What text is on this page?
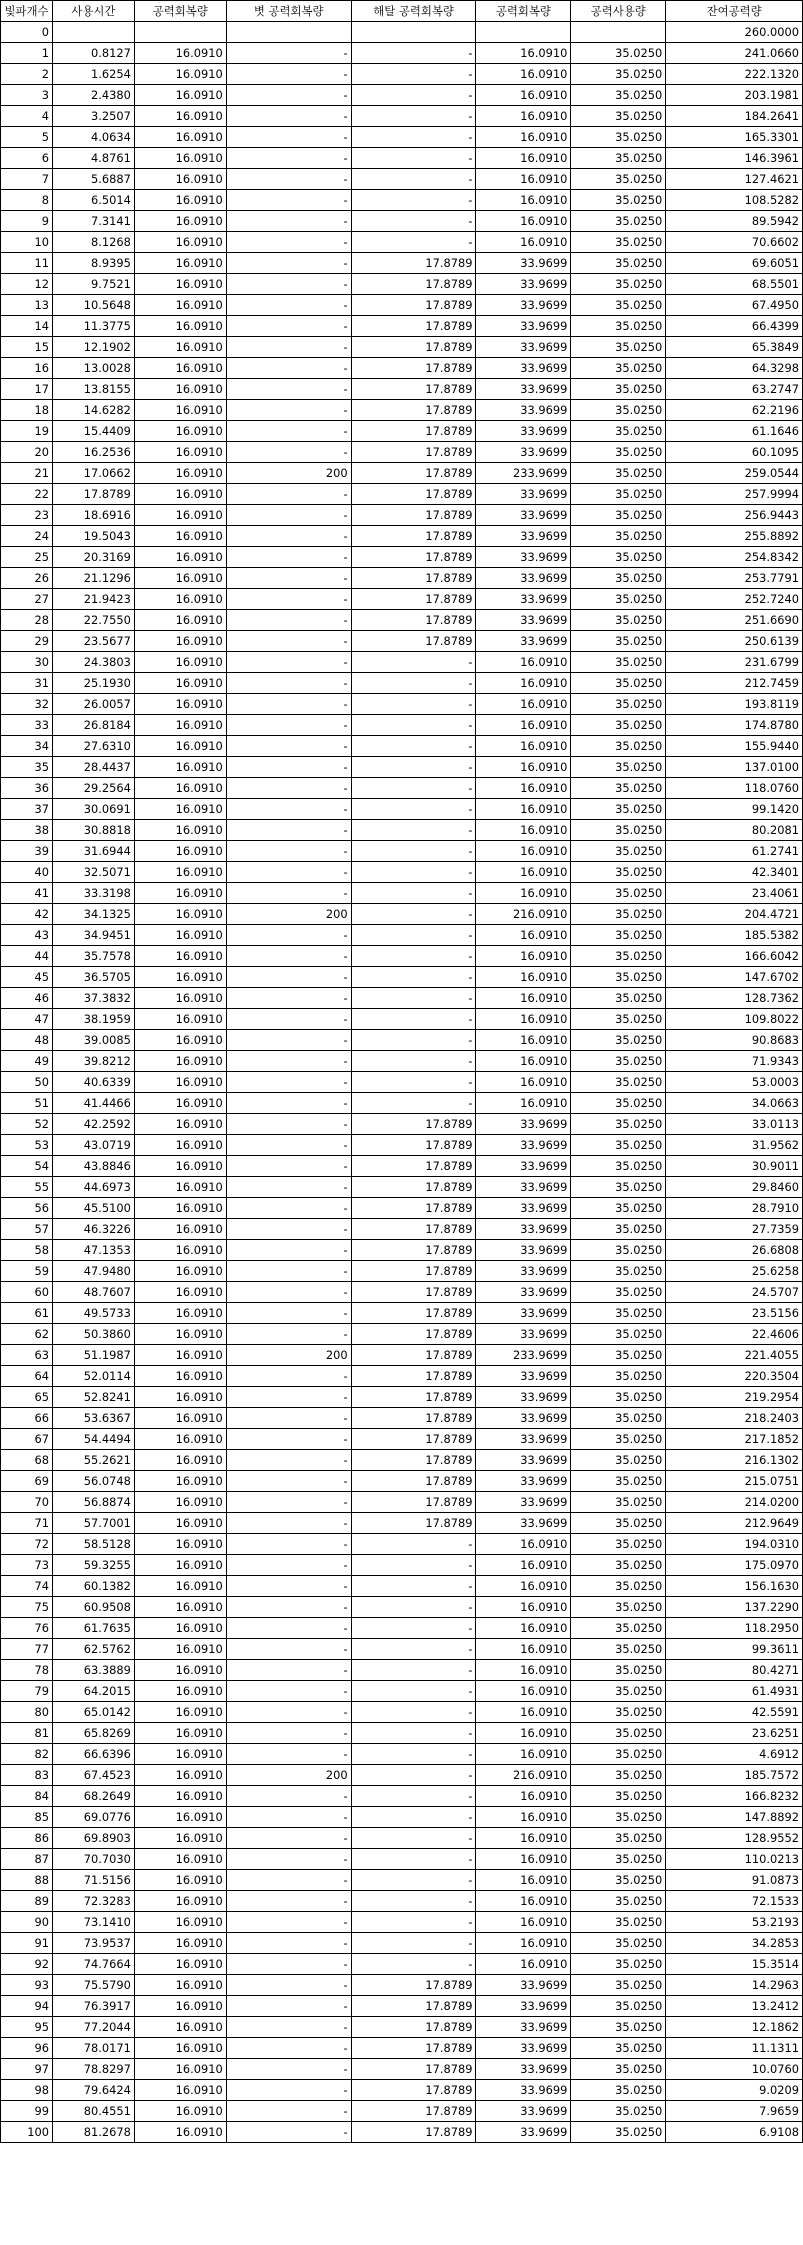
빛파개수	사용시간	공력회복량	볏 공력회복량	해탈 공력회복량	공력회복량	공력사용량	잔여공력량
0							260.0000
1	0.8127	16.0910	-	-	16.0910	35.0250	241.0660
2	1.6254	16.0910	-	-	16.0910	35.0250	222.1320
3	2.4380	16.0910	-	-	16.0910	35.0250	203.1981
4	3.2507	16.0910	-	-	16.0910	35.0250	184.2641
5	4.0634	16.0910	-	-	16.0910	35.0250	165.3301
6	4.8761	16.0910	-	-	16.0910	35.0250	146.3961
7	5.6887	16.0910	-	-	16.0910	35.0250	127.4621
8	6.5014	16.0910	-	-	16.0910	35.0250	108.5282
9	7.3141	16.0910	-	-	16.0910	35.0250	89.5942
10	8.1268	16.0910	-	-	16.0910	35.0250	70.6602
11	8.9395	16.0910	-	17.8789	33.9699	35.0250	69.6051
12	9.7521	16.0910	-	17.8789	33.9699	35.0250	68.5501
13	10.5648	16.0910	-	17.8789	33.9699	35.0250	67.4950
14	11.3775	16.0910	-	17.8789	33.9699	35.0250	66.4399
15	12.1902	16.0910	-	17.8789	33.9699	35.0250	65.3849
16	13.0028	16.0910	-	17.8789	33.9699	35.0250	64.3298
17	13.8155	16.0910	-	17.8789	33.9699	35.0250	63.2747
18	14.6282	16.0910	-	17.8789	33.9699	35.0250	62.2196
19	15.4409	16.0910	-	17.8789	33.9699	35.0250	61.1646
20	16.2536	16.0910	-	17.8789	33.9699	35.0250	60.1095
21	17.0662	16.0910	200	17.8789	233.9699	35.0250	259.0544
22	17.8789	16.0910	-	17.8789	33.9699	35.0250	257.9994
23	18.6916	16.0910	-	17.8789	33.9699	35.0250	256.9443
24	19.5043	16.0910	-	17.8789	33.9699	35.0250	255.8892
25	20.3169	16.0910	-	17.8789	33.9699	35.0250	254.8342
26	21.1296	16.0910	-	17.8789	33.9699	35.0250	253.7791
27	21.9423	16.0910	-	17.8789	33.9699	35.0250	252.7240
28	22.7550	16.0910	-	17.8789	33.9699	35.0250	251.6690
29	23.5677	16.0910	-	17.8789	33.9699	35.0250	250.6139
30	24.3803	16.0910	-	-	16.0910	35.0250	231.6799
31	25.1930	16.0910	-	-	16.0910	35.0250	212.7459
32	26.0057	16.0910	-	-	16.0910	35.0250	193.8119
33	26.8184	16.0910	-	-	16.0910	35.0250	174.8780
34	27.6310	16.0910	-	-	16.0910	35.0250	155.9440
35	28.4437	16.0910	-	-	16.0910	35.0250	137.0100
36	29.2564	16.0910	-	-	16.0910	35.0250	118.0760
37	30.0691	16.0910	-	-	16.0910	35.0250	99.1420
38	30.8818	16.0910	-	-	16.0910	35.0250	80.2081
39	31.6944	16.0910	-	-	16.0910	35.0250	61.2741
40	32.5071	16.0910	-	-	16.0910	35.0250	42.3401
41	33.3198	16.0910	-	-	16.0910	35.0250	23.4061
42	34.1325	16.0910	200	-	216.0910	35.0250	204.4721
43	34.9451	16.0910	-	-	16.0910	35.0250	185.5382
44	35.7578	16.0910	-	-	16.0910	35.0250	166.6042
45	36.5705	16.0910	-	-	16.0910	35.0250	147.6702
46	37.3832	16.0910	-	-	16.0910	35.0250	128.7362
47	38.1959	16.0910	-	-	16.0910	35.0250	109.8022
48	39.0085	16.0910	-	-	16.0910	35.0250	90.8683
49	39.8212	16.0910	-	-	16.0910	35.0250	71.9343
50	40.6339	16.0910	-	-	16.0910	35.0250	53.0003
51	41.4466	16.0910	-	-	16.0910	35.0250	34.0663
52	42.2592	16.0910	-	17.8789	33.9699	35.0250	33.0113
53	43.0719	16.0910	-	17.8789	33.9699	35.0250	31.9562
54	43.8846	16.0910	-	17.8789	33.9699	35.0250	30.9011
55	44.6973	16.0910	-	17.8789	33.9699	35.0250	29.8460
56	45.5100	16.0910	-	17.8789	33.9699	35.0250	28.7910
57	46.3226	16.0910	-	17.8789	33.9699	35.0250	27.7359
58	47.1353	16.0910	-	17.8789	33.9699	35.0250	26.6808
59	47.9480	16.0910	-	17.8789	33.9699	35.0250	25.6258
60	48.7607	16.0910	-	17.8789	33.9699	35.0250	24.5707
61	49.5733	16.0910	-	17.8789	33.9699	35.0250	23.5156
62	50.3860	16.0910	-	17.8789	33.9699	35.0250	22.4606
63	51.1987	16.0910	200	17.8789	233.9699	35.0250	221.4055
64	52.0114	16.0910	-	17.8789	33.9699	35.0250	220.3504
65	52.8241	16.0910	-	17.8789	33.9699	35.0250	219.2954
66	53.6367	16.0910	-	17.8789	33.9699	35.0250	218.2403
67	54.4494	16.0910	-	17.8789	33.9699	35.0250	217.1852
68	55.2621	16.0910	-	17.8789	33.9699	35.0250	216.1302
69	56.0748	16.0910	-	17.8789	33.9699	35.0250	215.0751
70	56.8874	16.0910	-	17.8789	33.9699	35.0250	214.0200
71	57.7001	16.0910	-	17.8789	33.9699	35.0250	212.9649
72	58.5128	16.0910	-	-	16.0910	35.0250	194.0310
73	59.3255	16.0910	-	-	16.0910	35.0250	175.0970
74	60.1382	16.0910	-	-	16.0910	35.0250	156.1630
75	60.9508	16.0910	-	-	16.0910	35.0250	137.2290
76	61.7635	16.0910	-	-	16.0910	35.0250	118.2950
77	62.5762	16.0910	-	-	16.0910	35.0250	99.3611
78	63.3889	16.0910	-	-	16.0910	35.0250	80.4271
79	64.2015	16.0910	-	-	16.0910	35.0250	61.4931
80	65.0142	16.0910	-	-	16.0910	35.0250	42.5591
81	65.8269	16.0910	-	-	16.0910	35.0250	23.6251
82	66.6396	16.0910	-	-	16.0910	35.0250	4.6912
83	67.4523	16.0910	200	-	216.0910	35.0250	185.7572
84	68.2649	16.0910	-	-	16.0910	35.0250	166.8232
85	69.0776	16.0910	-	-	16.0910	35.0250	147.8892
86	69.8903	16.0910	-	-	16.0910	35.0250	128.9552
87	70.7030	16.0910	-	-	16.0910	35.0250	110.0213
88	71.5156	16.0910	-	-	16.0910	35.0250	91.0873
89	72.3283	16.0910	-	-	16.0910	35.0250	72.1533
90	73.1410	16.0910	-	-	16.0910	35.0250	53.2193
91	73.9537	16.0910	-	-	16.0910	35.0250	34.2853
92	74.7664	16.0910	-	-	16.0910	35.0250	15.3514
93	75.5790	16.0910	-	17.8789	33.9699	35.0250	14.2963
94	76.3917	16.0910	-	17.8789	33.9699	35.0250	13.2412
95	77.2044	16.0910	-	17.8789	33.9699	35.0250	12.1862
96	78.0171	16.0910	-	17.8789	33.9699	35.0250	11.1311
97	78.8297	16.0910	-	17.8789	33.9699	35.0250	10.0760
98	79.6424	16.0910	-	17.8789	33.9699	35.0250	9.0209
99	80.4551	16.0910	-	17.8789	33.9699	35.0250	7.9659
100	81.2678	16.0910	-	17.8789	33.9699	35.0250	6.9108
